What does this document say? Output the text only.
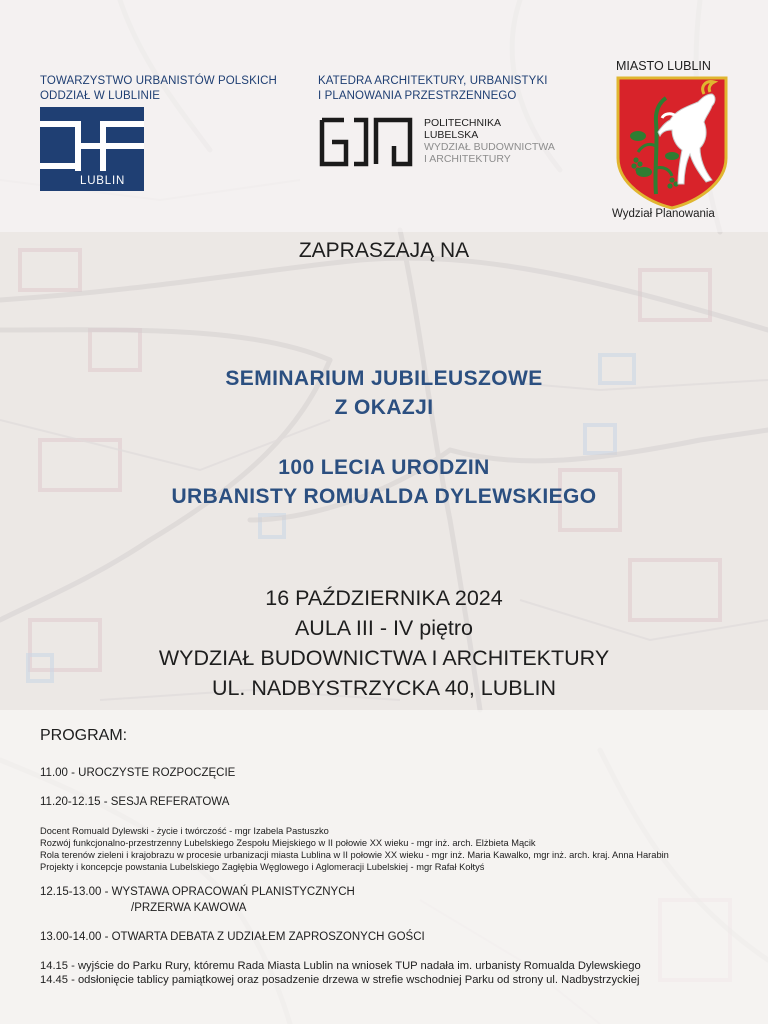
TOWARZYSTWO URBANISTÓW POLSKICH
ODDZIAŁ W LUBLINIE
LUBLIN
KATEDRA ARCHITEKTURY, URBANISTYKI
I PLANOWANIA PRZESTRZENNEGO
POLITECHNIKA
LUBELSKA
WYDZIAŁ BUDOWNICTWA
I ARCHITEKTURY
MIASTO LUBLIN
Wydział Planowania
ZAPRASZAJĄ NA
SEMINARIUM JUBILEUSZOWE
Z OKAZJI
100 LECIA URODZIN
URBANISTY ROMUALDA DYLEWSKIEGO
16 PAŹDZIERNIKA 2024
AULA III - IV piętro
WYDZIAŁ BUDOWNICTWA I ARCHITEKTURY
UL. NADBYSTRZYCKA 40, LUBLIN
PROGRAM:
11.00 - UROCZYSTE ROZPOCZĘCIE
11.20-12.15 - SESJA REFERATOWA
Docent Romuald Dylewski - życie i twórczość - mgr Izabela Pastuszko
Rozwój funkcjonalno-przestrzenny Lubelskiego Zespołu Miejskiego w II połowie XX wieku - mgr inż. arch. Elżbieta Mącik
Rola terenów zieleni i krajobrazu w procesie urbanizacji miasta Lublina w II połowie XX wieku - mgr inż. Maria Kawalko, mgr inż. arch. kraj. Anna Harabin
Projekty i koncepcje powstania Lubelskiego Zagłębia Węglowego i Aglomeracji Lubelskiej - mgr Rafał Kołtyś
12.15-13.00 - WYSTAWA OPRACOWAŃ PLANISTYCZNYCH
/PRZERWA KAWOWA
13.00-14.00 - OTWARTA DEBATA Z UDZIAŁEM ZAPROSZONYCH GOŚCI
14.15 - wyjście do Parku Rury, któremu Rada Miasta Lublin na wniosek TUP nadała im. urbanisty Romualda Dylewskiego
14.45 - odsłonięcie tablicy pamiątkowej oraz posadzenie drzewa w strefie wschodniej Parku od strony ul. Nadbystrzyckiej
